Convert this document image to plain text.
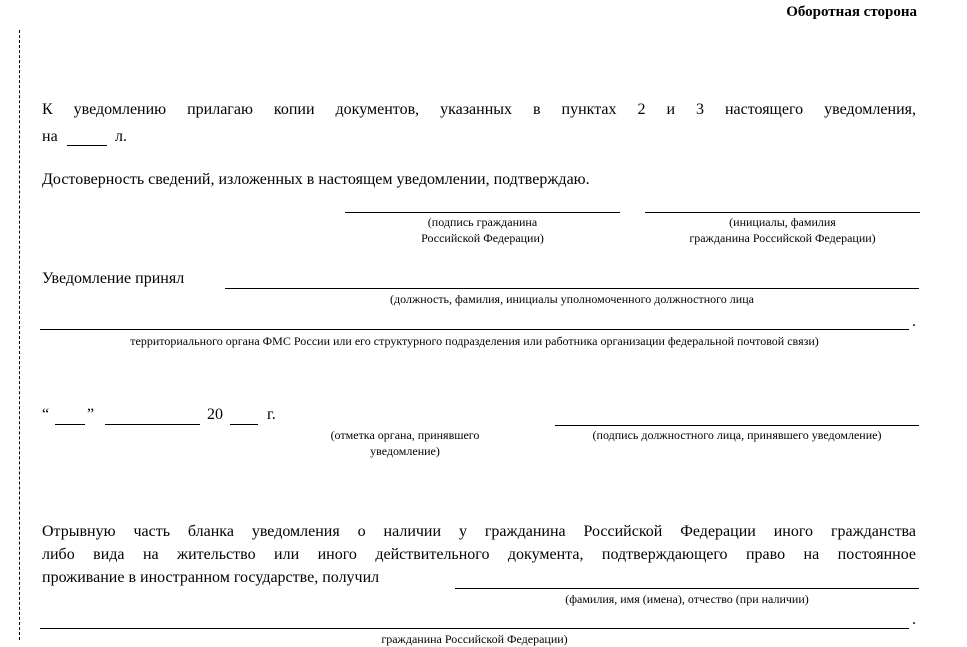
Оборотная сторона
К уведомлению прилагаю копии документов, указанных в пунктах 2 и 3 настоящего уведомления,
на	л.
Достоверность сведений, изложенных в настоящем уведомлении, подтверждаю.
(подпись гражданина
Российской Федерации)
(инициалы, фамилия
гражданина Российской Федерации)
Уведомление принял
(должность, фамилия, инициалы уполномоченного должностного лица
.
территориального органа ФМС России или его структурного подразделения или работника организации федеральной почтовой связи)
“ ”	20	г.
(отметка органа, принявшего
уведомление)
(подпись должностного лица, принявшего уведомление)
Отрывную часть бланка уведомления о наличии у гражданина Российской Федерации иного гражданства
либо вида на жительство или иного действительного документа, подтверждающего право на постоянное
проживание в иностранном государстве, получил
(фамилия, имя (имена), отчество (при наличии)
.
гражданина Российской Федерации)
